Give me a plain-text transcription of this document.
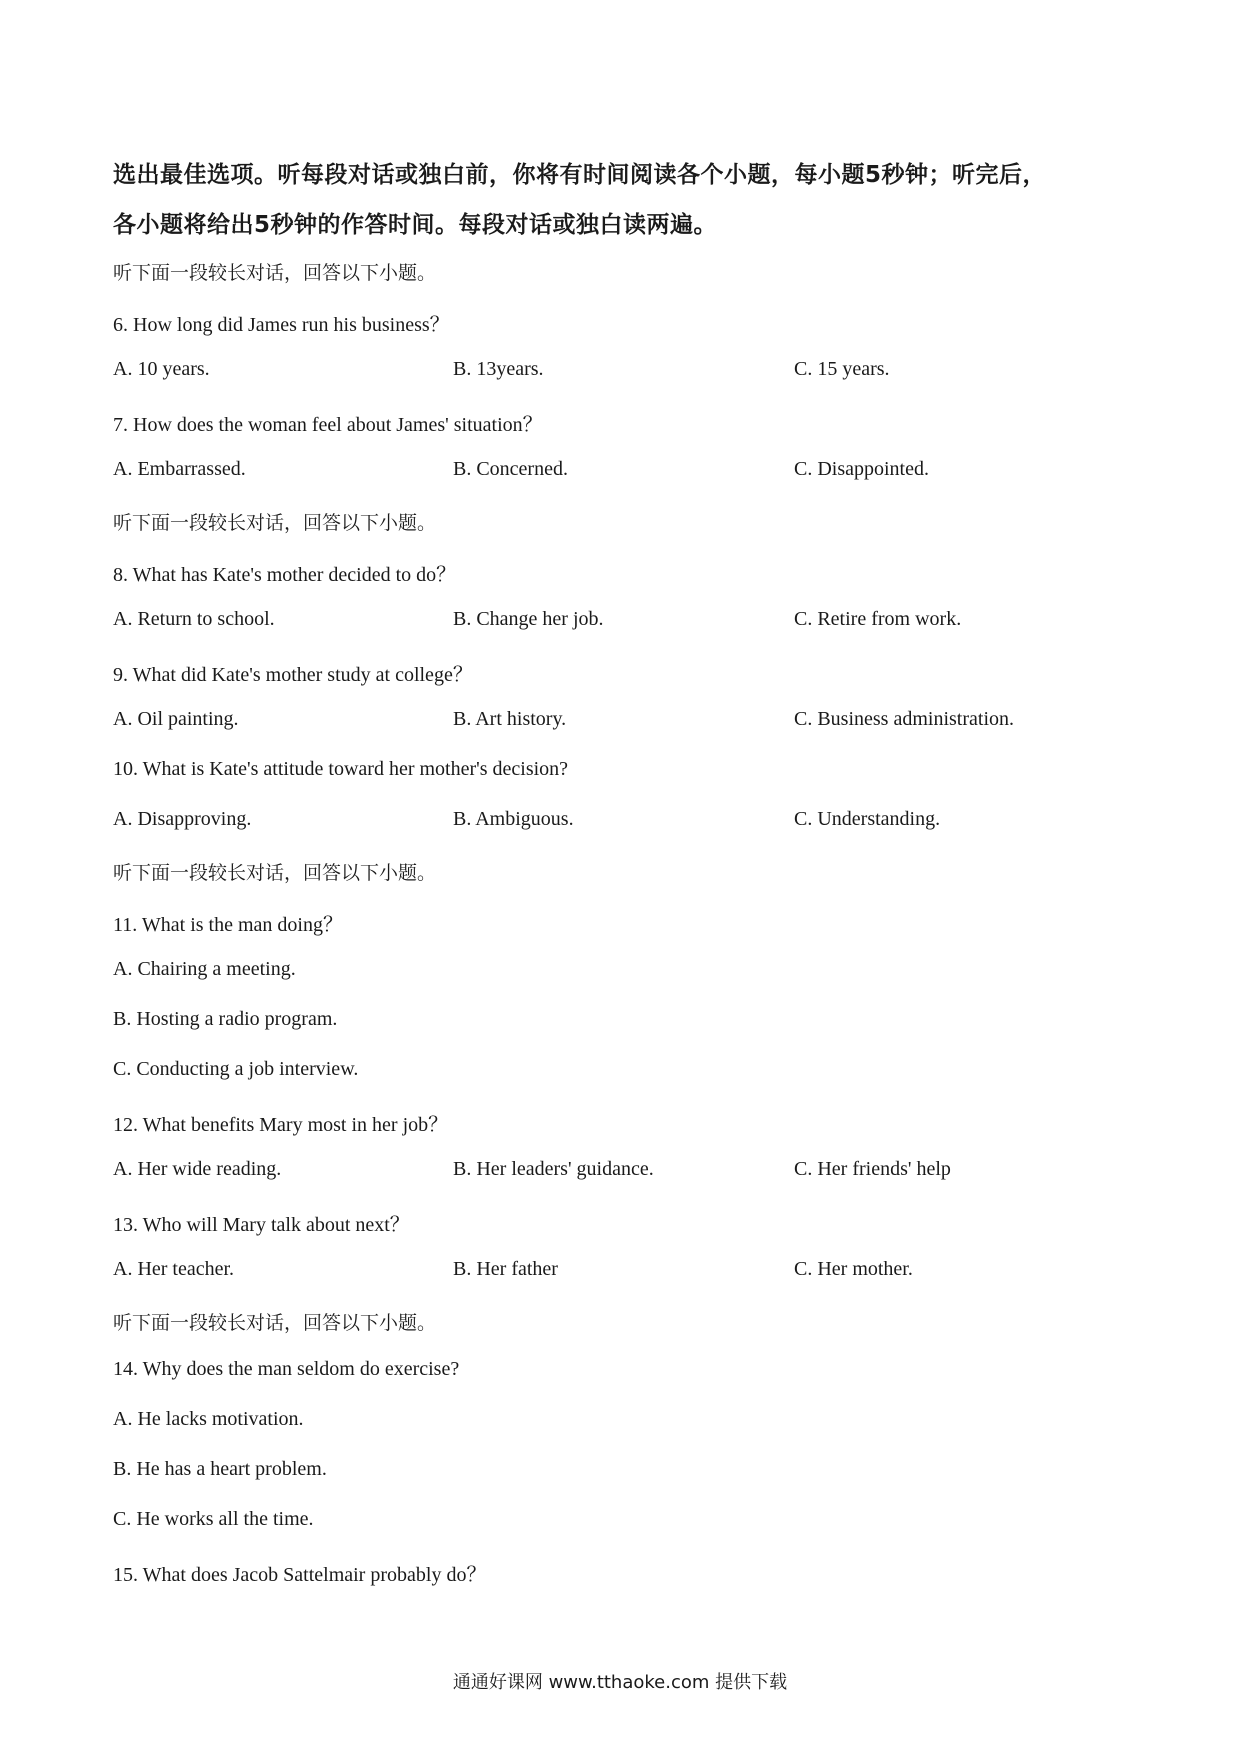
选出最佳选项。听每段对话或独白前，你将有时间阅读各个小题，每小题5秒钟；听完后，
各小题将给出5秒钟的作答时间。每段对话或独白读两遍。
听下面一段较长对话，回答以下小题。
6. How long did James run his business？
A. 10 years.	B. 13years.	C. 15 years.
7. How does the woman feel about James' situation？
A. Embarrassed.	B. Concerned.	C. Disappointed.
听下面一段较长对话，回答以下小题。
8. What has Kate's mother decided to do？
A. Return to school.	B. Change her job.	C. Retire from work.
9. What did Kate's mother study at college？
A. Oil painting.	B. Art history.	C. Business administration.
10. What is Kate's attitude toward her mother's decision?
A. Disapproving.	B. Ambiguous.	C. Understanding.
听下面一段较长对话，回答以下小题。
11. What is the man doing？
A. Chairing a meeting.
B. Hosting a radio program.
C. Conducting a job interview.
12. What benefits Mary most in her job？
A. Her wide reading.	B. Her leaders' guidance.	C. Her friends' help
13. Who will Mary talk about next？
A. Her teacher.	B. Her father	C. Her mother.
听下面一段较长对话，回答以下小题。
14. Why does the man seldom do exercise?
A. He lacks motivation.
B. He has a heart problem.
C. He works all the time.
15. What does Jacob Sattelmair probably do？
通通好课网 www.tthaoke.com 提供下载
